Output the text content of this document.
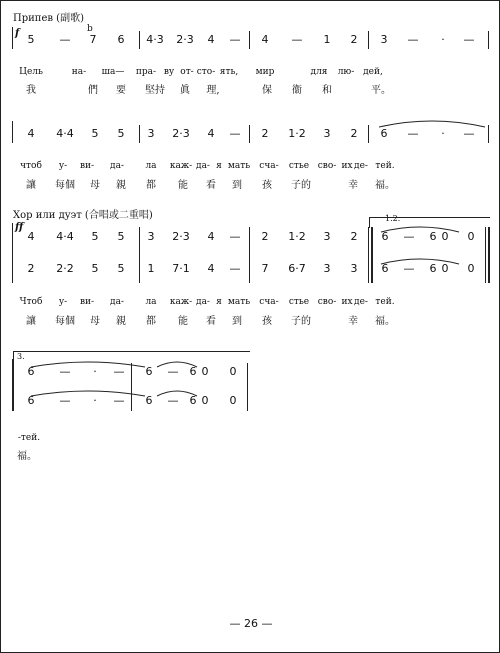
Припев (副歌)
f	b
5 — 7 6 4·3 2·3 4 — 4 — 1 2 3 — · —
Цель	на- ша— пра- ву от- сто- ять, мир	для лю- дей,
我	們 要 堅持 眞 理,	保 衞 和	平。
4 4·4 5 5 3 2·3 4 — 2 1·2 3 2 6 — · —
чтоб у- ви- да- ла каж- да- я мать сча- стье сво- их де- тей.
讓 每個 母 親 都 能 看 到 孩 子的	幸 福。
Хор или дуэт (合唱或二重唱)
ff
1.2.
4 4·4 5 5 3 2·3 4 — 2 1·2 3 2 6 — 6 0 0
2 2·2 5 5 1 7·1 4 — 7 6·7 3 3 6 — 6 0 0
Чтоб у- ви- да- ла каж- да- я мать сча- стье сво- их де- тей.
讓 每個 母 親 都 能 看 到 孩 子的	幸 福。
3.
6 — · — 6 — 6 0 0
6 — · — 6 — 6 0 0
-тей.
福。
— 26 —
